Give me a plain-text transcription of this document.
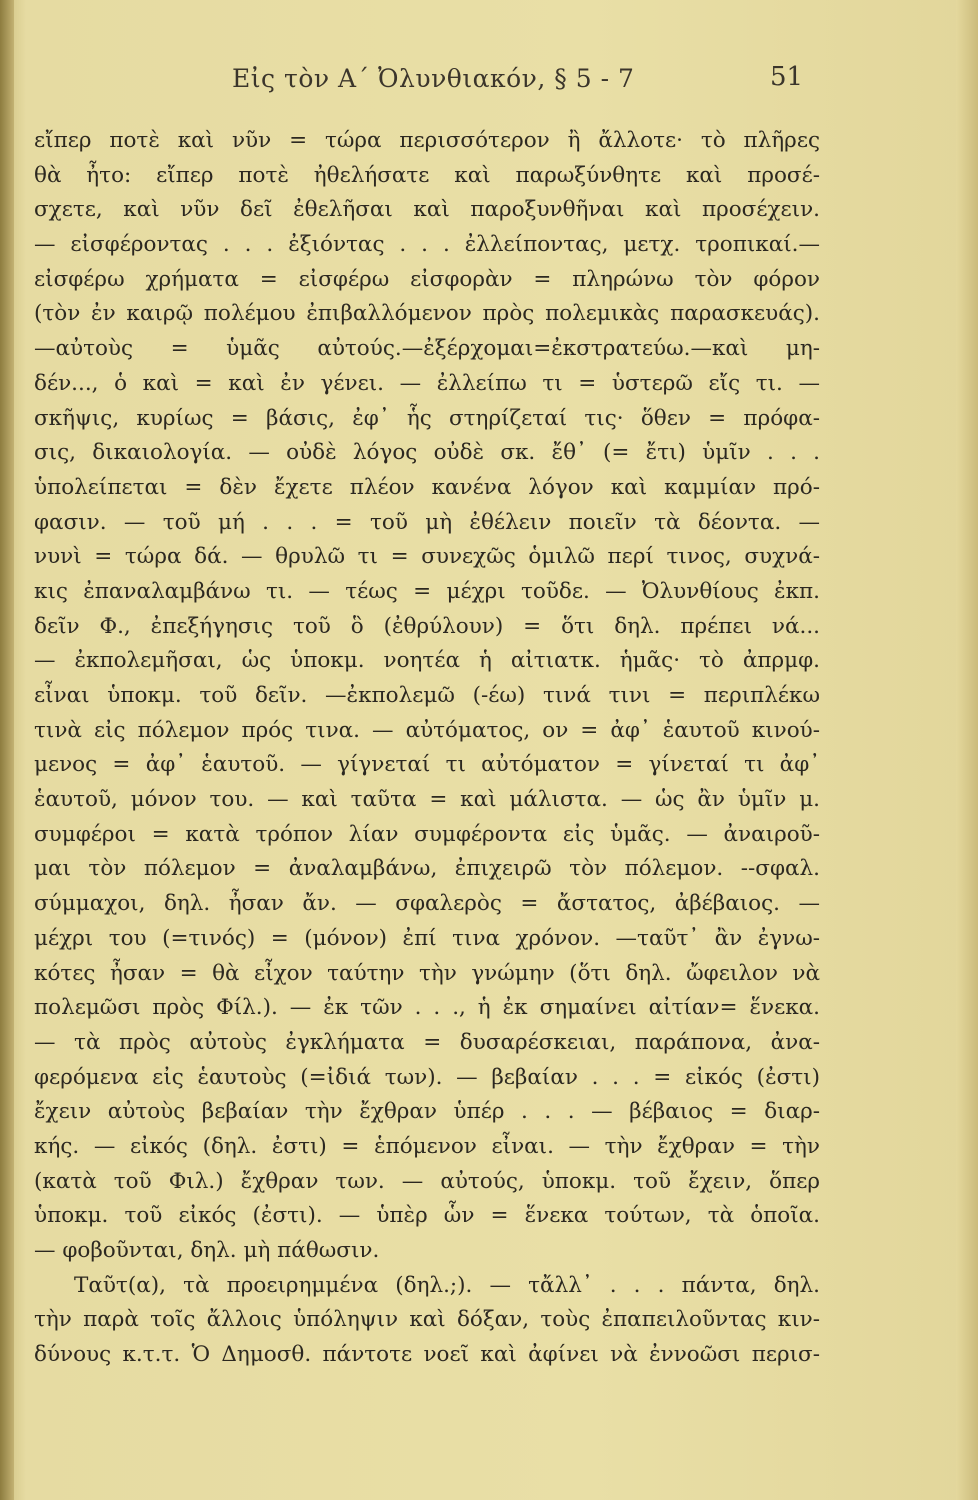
Εἰς τὸν Α΄ Ὀλυνθιακόν, § 5 - 7	51
εἴπερ ποτὲ καὶ νῦν = τώρα περισσότερον ἢ ἄλλοτε· τὸ πλῆρες
θὰ ἦτο: εἴπερ ποτὲ ἠθελήσατε καὶ παρωξύνθητε καὶ προσέ-
σχετε, καὶ νῦν δεῖ ἐθελῆσαι καὶ παροξυνθῆναι καὶ προσέχειν.
— εἰσφέροντας . . . ἐξιόντας . . . ἐλλείποντας, μετχ. τροπικαί.—
εἰσφέρω χρήματα = εἰσφέρω εἰσφορὰν = πληρώνω τὸν φόρον
(τὸν ἐν καιρῷ πολέμου ἐπιβαλλόμενον πρὸς πολεμικὰς παρασκευάς).
—αὐτοὺς = ὑμᾶς αὐτούς.—ἐξέρχομαι=ἐκστρατεύω.—καὶ μη-
δέν..., ὁ καὶ = καὶ ἐν γένει. — ἐλλείπω τι = ὑστερῶ εἴς τι. —
σκῆψις, κυρίως = βάσις, ἐφ᾽ ἧς στηρίζεταί τις· ὅθεν = πρόφα-
σις, δικαιολογία. — οὐδὲ λόγος οὐδὲ σκ. ἔθ᾽ (= ἔτι) ὑμῖν . . .
ὑπολείπεται = δὲν ἔχετε πλέον κανένα λόγον καὶ καμμίαν πρό-
φασιν. — τοῦ μή . . . = τοῦ μὴ ἐθέλειν ποιεῖν τὰ δέοντα. —
νυνὶ = τώρα δά. — θρυλῶ τι = συνεχῶς ὁμιλῶ περί τινος, συχνά-
κις ἐπαναλαμβάνω τι. — τέως = μέχρι τοῦδε. — Ὀλυνθίους ἐκπ.
δεῖν Φ., ἐπεξήγησις τοῦ ὃ (ἐθρύλουν) = ὅτι δηλ. πρέπει νά...
— ἐκπολεμῆσαι, ὡς ὑποκμ. νοητέα ἡ αἰτιατκ. ἡμᾶς· τὸ ἀπρμφ.
εἶναι ὑποκμ. τοῦ δεῖν. —ἐκπολεμῶ (-έω) τινά τινι = περιπλέκω
τινὰ εἰς πόλεμον πρός τινα. — αὐτόματος, ον = ἀφ᾽ ἑαυτοῦ κινού-
μενος = ἀφ᾽ ἑαυτοῦ. — γίγνεταί τι αὐτόματον = γίνεταί τι ἀφ᾽
ἑαυτοῦ, μόνον του. — καὶ ταῦτα = καὶ μάλιστα. — ὡς ἂν ὑμῖν μ.
συμφέροι = κατὰ τρόπον λίαν συμφέροντα εἰς ὑμᾶς. — ἀναιροῦ-
μαι τὸν πόλεμον = ἀναλαμβάνω, ἐπιχειρῶ τὸν πόλεμον. --σφαλ.
σύμμαχοι, δηλ. ἦσαν ἄν. — σφαλερὸς = ἄστατος, ἀβέβαιος. —
μέχρι του (=τινός) = (μόνον) ἐπί τινα χρόνον. —ταῦτ᾽ ἂν ἐγνω-
κότες ἦσαν = θὰ εἶχον ταύτην τὴν γνώμην (ὅτι δηλ. ὤφειλον νὰ
πολεμῶσι πρὸς Φίλ.). — ἐκ τῶν . . ., ἡ ἐκ σημαίνει αἰτίαν= ἕνεκα.
— τὰ πρὸς αὐτοὺς ἐγκλήματα = δυσαρέσκειαι, παράπονα, ἀνα-
φερόμενα εἰς ἑαυτοὺς (=ἰδιά των). — βεβαίαν . . . = εἰκός (ἐστι)
ἔχειν αὐτοὺς βεβαίαν τὴν ἔχθραν ὑπέρ . . . — βέβαιος = διαρ-
κής. — εἰκός (δηλ. ἐστι) = ἑπόμενον εἶναι. — τὴν ἔχθραν = τὴν
(κατὰ τοῦ Φιλ.) ἔχθραν των. — αὐτούς, ὑποκμ. τοῦ ἔχειν, ὅπερ
ὑποκμ. τοῦ εἰκός (ἐστι). — ὑπὲρ ὧν = ἕνεκα τούτων, τὰ ὁποῖα.
— φοβοῦνται, δηλ. μὴ πάθωσιν.
Ταῦτ(α), τὰ προειρημμένα (δηλ.;). — τἄλλ᾽ . . . πάντα, δηλ.
τὴν παρὰ τοῖς ἄλλοις ὑπόληψιν καὶ δόξαν, τοὺς ἐπαπειλοῦντας κιν-
δύνους κ.τ.τ. Ὁ Δημοσθ. πάντοτε νοεῖ καὶ ἀφίνει νὰ ἐννοῶσι περισ-
